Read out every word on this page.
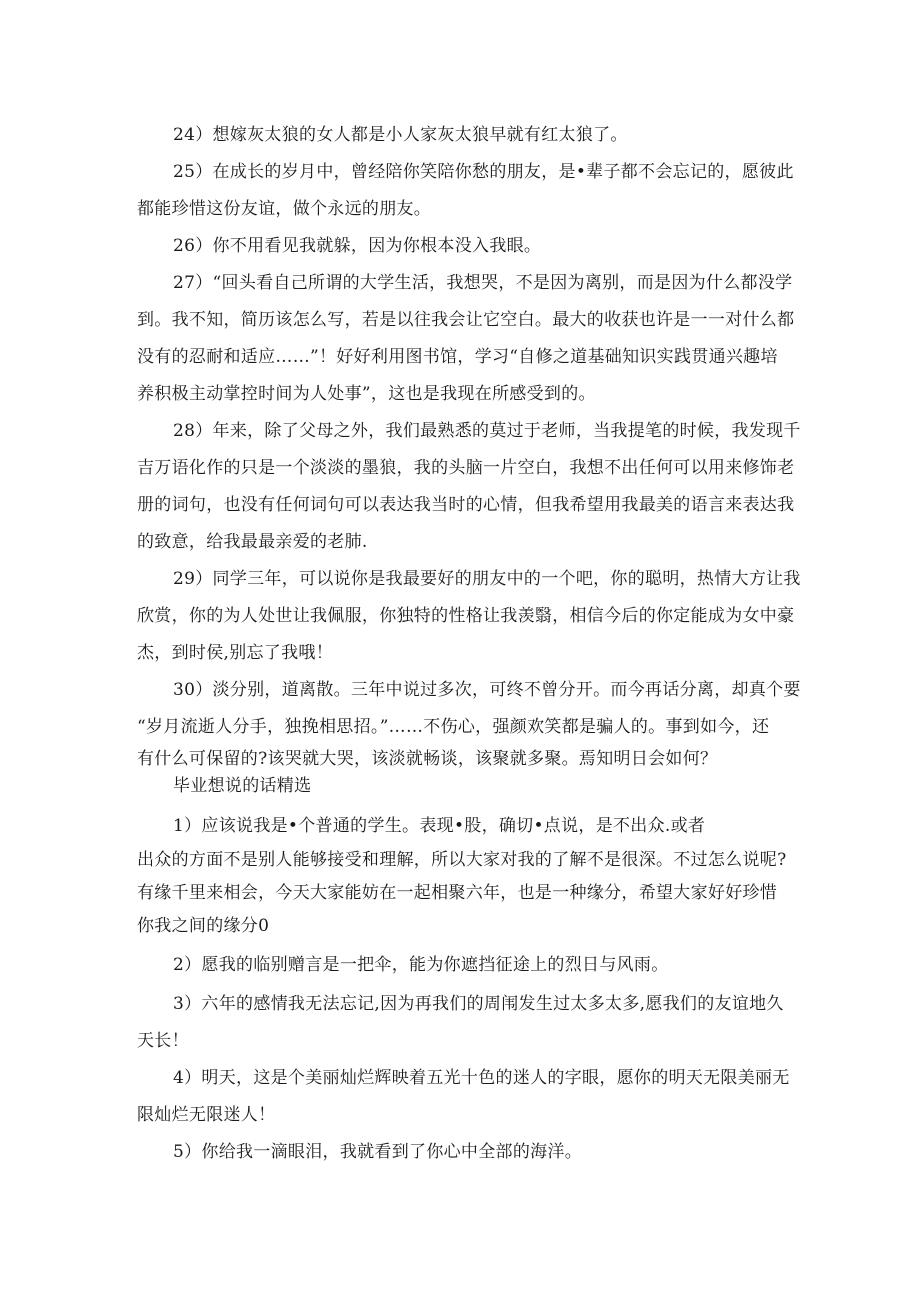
24）想嫁灰太狼的女人都是小人家灰太狼早就有红太狼了。

25）在成长的岁月中，曾经陪你笑陪你愁的朋友，是•辈子都不会忘记的，愿彼此

都能珍惜这份友谊，做个永远的朋友。

26）你不用看见我就躲，因为你根本没入我眼。

27）“回头看自己所谓的大学生活，我想哭，不是因为离别，而是因为什么都没学

到。我不知，简历该怎么写，若是以往我会让它空白。最大的收获也许是一一对什么都

没有的忍耐和适应……”！好好利用图书馆，学习“自修之道基础知识实践贯通兴趣培

养积极主动掌控时间为人处事”，这也是我现在所感受到的。

28）年来，除了父母之外，我们最熟悉的莫过于老师，当我提笔的时候，我发现千

吉万语化作的只是一个淡淡的墨狼，我的头脑一片空白，我想不出任何可以用来修饰老

册的词句，也没有任何词句可以表达我当时的心情，但我希望用我最美的语言来表达我

的致意，给我最最亲爱的老肺.

29）同学三年，可以说你是我最要好的朋友中的一个吧，你的聪明，热情大方让我

欣赏，你的为人处世让我佩服，你独特的性格让我羡翳，相信今后的你定能成为女中豪

杰，到时侯,别忘了我哦！

30）淡分别，道离散。三年中说过多次，可终不曾分开。而今再话分离，却真个要

“岁月流逝人分手，独挽相思招。”……不伤心，强颜欢笑都是骗人的。事到如今，还

有什么可保留的?该哭就大哭，该淡就畅谈，该聚就多聚。焉知明日会如何？

毕业想说的话精选

1）应该说我是•个普通的学生。表现•股，确切•点说，是不出众.或者

出众的方面不是别人能够接受和理解，所以大家对我的了解不是很深。不过怎么说呢?

有缘千里来相会，今天大家能妨在一起相聚六年，也是一种缘分，希望大家好好珍惜

你我之间的缘分0

2）愿我的临别赠言是一把伞，能为你遮挡征途上的烈日与风雨。

3）六年的感情我无法忘记,因为再我们的周闱发生过太多太多,愿我们的友谊地久

天长！

4）明天，这是个美丽灿烂辉映着五光十色的迷人的字眼，愿你的明天无限美丽无

限灿烂无限迷人！

5）你给我一滴眼泪，我就看到了你心中全部的海洋。
